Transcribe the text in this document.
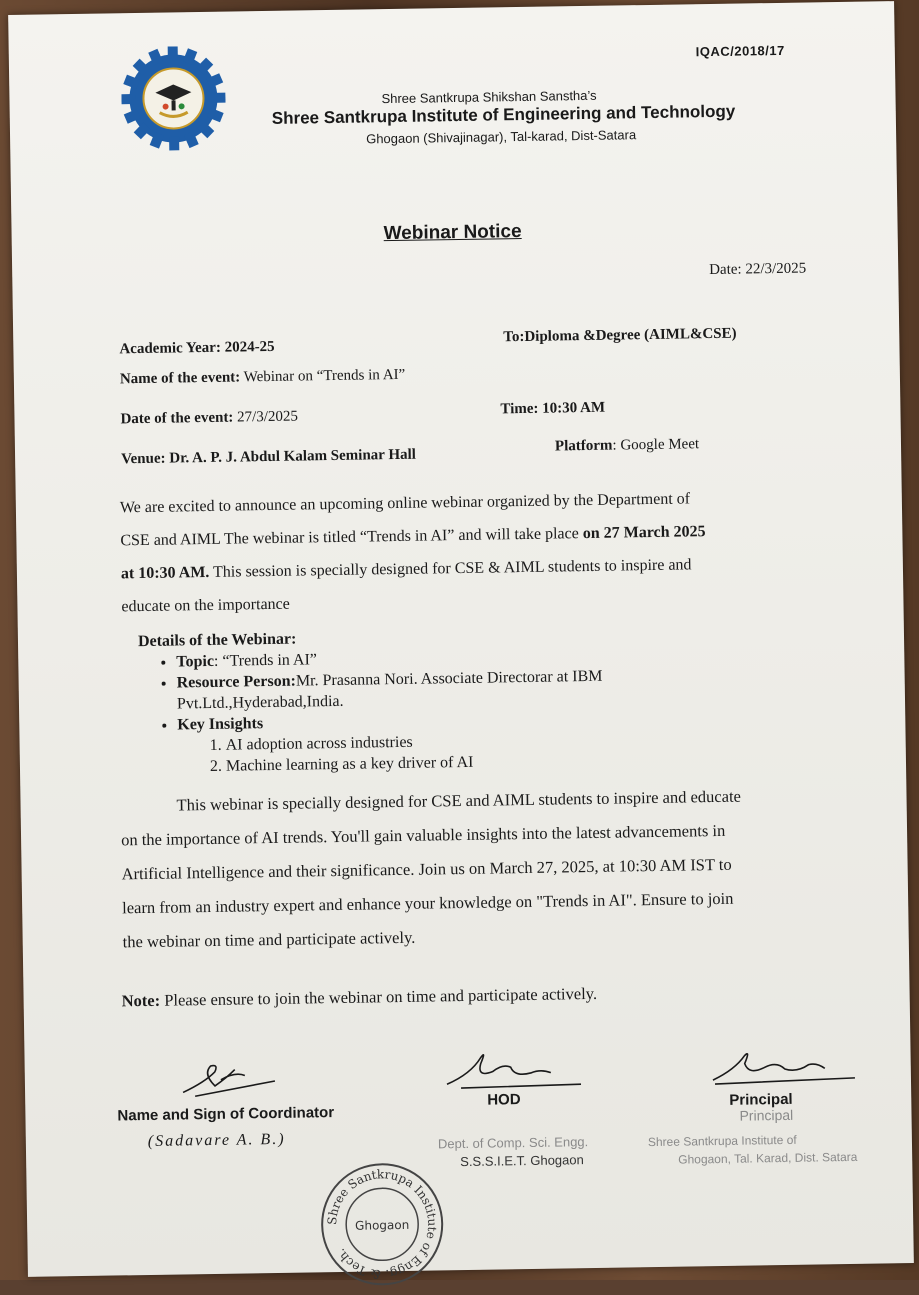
IQAC/2018/17
Shree Santkrupa Shikshan Sanstha’s
Shree Santkrupa Institute of Engineering and Technology
Ghogaon (Shivajinagar), Tal-karad, Dist-Satara
Webinar Notice
Date: 22/3/2025
Academic Year: 2024-25
To:Diploma &Degree (AIML&CSE)
Name of the event: Webinar on “Trends in AI”
Date of the event: 27/3/2025	Time: 10:30 AM
Venue: Dr. A. P. J. Abdul Kalam Seminar Hall
Platform: Google Meet
We are excited to announce an upcoming online webinar organized by the Department of
CSE and AIML The webinar is titled “Trends in AI” and will take place on 27 March 2025
at 10:30 AM. This session is specially designed for CSE & AIML students to inspire and
educate on the importance
Details of the Webinar:
• Topic: “Trends in AI”
• Resource Person:Mr. Prasanna Nori. Associate Directorar at IBM
Pvt.Ltd.,Hyderabad,India.
• Key Insights
1. AI adoption across industries
2. Machine learning as a key driver of AI
This webinar is specially designed for CSE and AIML students to inspire and educate
on the importance of AI trends. You'll gain valuable insights into the latest advancements in
Artificial Intelligence and their significance. Join us on March 27, 2025, at 10:30 AM IST to
learn from an industry expert and enhance your knowledge on "Trends in AI". Ensure to join
the webinar on time and participate actively.
Note: Please ensure to join the webinar on time and participate actively.
Name and Sign of Coordinator
(Sadavare A. B.)
HOD
Dept. of Comp. Sci. Engg.
S.S.S.I.E.T. Ghogaon
Principal
Principal
Shree Santkrupa Institute of
Ghogaon, Tal. Karad, Dist. Satara
Shree Santkrupa Institute of Engg. & Tech.
Ghogaon
